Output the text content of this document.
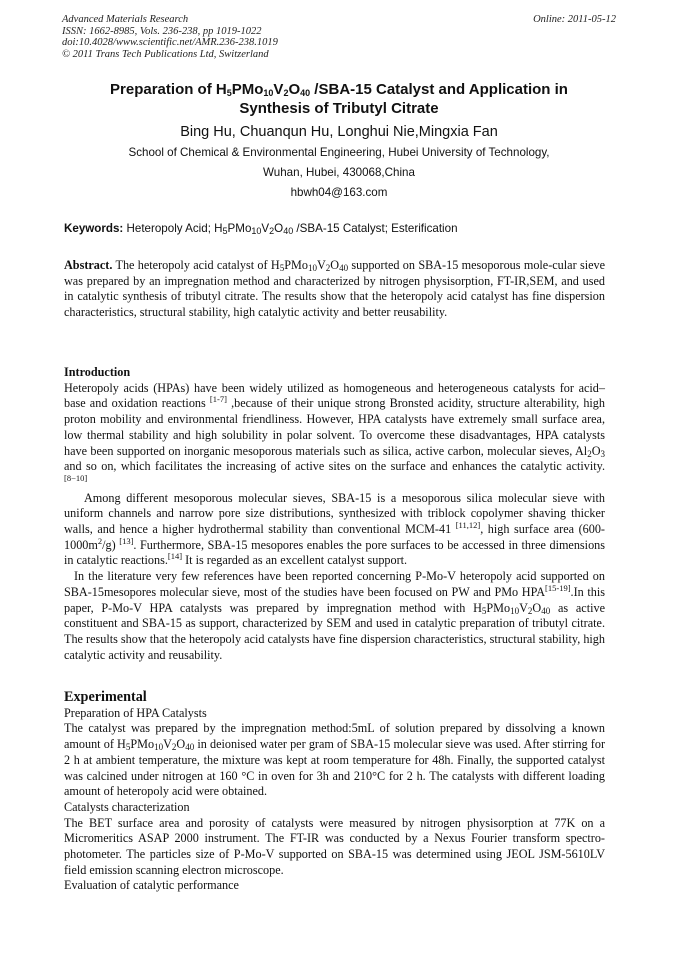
Advanced Materials Research
ISSN: 1662-8985, Vols. 236-238, pp 1019-1022
doi:10.4028/www.scientific.net/AMR.236-238.1019
© 2011 Trans Tech Publications Ltd, Switzerland
Online: 2011-05-12
Preparation of $H_5PMo_{10}V_2O_{40}$ /SBA-15 Catalyst and Application in
Synthesis of Tributyl Citrate
Bing Hu, Chuanqun Hu, Longhui Nie,Mingxia Fan
School of Chemical & Environmental Engineering, Hubei University of Technology,
Wuhan, Hubei, 430068,China
hbwh04@163.com
Keywords: Heteropoly Acid; $H_5PMo_{10}V_2O_{40}$ /SBA-15 Catalyst; Esterification

Abstract. The heteropoly acid catalyst of $H_5PMo_{10}V_2O_{40}$ supported on SBA-15 mesoporous mole-cular sieve was prepared by an impregnation method and characterized by nitrogen physisorption, FT-IR,SEM, and used in catalytic synthesis of tributyl citrate. The results show that the heteropoly acid catalyst has fine dispersion characteristics, structural stability, high catalytic activity and better reusability.

Introduction

Heteropoly acids (HPAs) have been widely utilized as homogeneous and heterogeneous catalysts for acid–base and oxidation reactions [1-7] ,because of their unique strong Bronsted acidity, structure alterability, high proton mobility and environmental friendliness. However, HPA catalysts have extremely small surface area, low thermal stability and high solubility in polar solvent. To overcome these disadvantages, HPA catalysts have been supported on inorganic mesoporous materials such as silica, active carbon, molecular sieves, $Al_2O_3$ and so on, which facilitates the increasing of active sites on the surface and enhances the catalytic activity. [8−10]

Among different mesoporous molecular sieves, SBA-15 is a mesoporous silica molecular sieve with uniform channels and narrow pore size distributions, synthesized with triblock copolymer shaving thicker walls, and hence a higher hydrothermal stability than conventional MCM-41 [11,12], high surface area $(600-1000m^2/g)$ [13]. Furthermore, SBA-15 mesopores enables the pore surfaces to be accessed in three dimensions in catalytic reactions.[14] It is regarded as an excellent catalyst support.

In the literature very few references have been reported concerning P-Mo-V heteropoly acid supported on SBA-15mesopores molecular sieve, most of the studies have been focused on PW and PMo HPA[15-19].In this paper, P-Mo-V HPA catalysts was prepared by impregnation method with $H_5PMo_{10}V_2O_{40}$ as active constituent and SBA-15 as support, characterized by SEM and used in catalytic preparation of tributyl citrate. The results show that the heteropoly acid catalysts have fine dispersion characteristics, structural stability, high catalytic activity and reusability.

Experimental
Preparation of HPA Catalysts

The catalyst was prepared by the impregnation method:5mL of solution prepared by dissolving a known amount of $H_5PMo_{10}V_2O_{40}$ in deionised water per gram of SBA-15 molecular sieve was used. After stirring for 2 h at ambient temperature, the mixture was kept at room temperature for 48h. Finally, the supported catalyst was calcined under nitrogen at 160 °C in oven for 3h and 210°C for 2 h. The catalysts with different loading amount of heteropoly acid were obtained.

Catalysts characterization

The BET surface area and porosity of catalysts were measured by nitrogen physisorption at 77K on a Micromeritics ASAP 2000 instrument. The FT-IR was conducted by a Nexus Fourier transform spectro- photometer. The particles size of P-Mo-V supported on SBA-15 was determined using JEOL JSM-5610LV field emission scanning electron microscope.

Evaluation of catalytic performance
